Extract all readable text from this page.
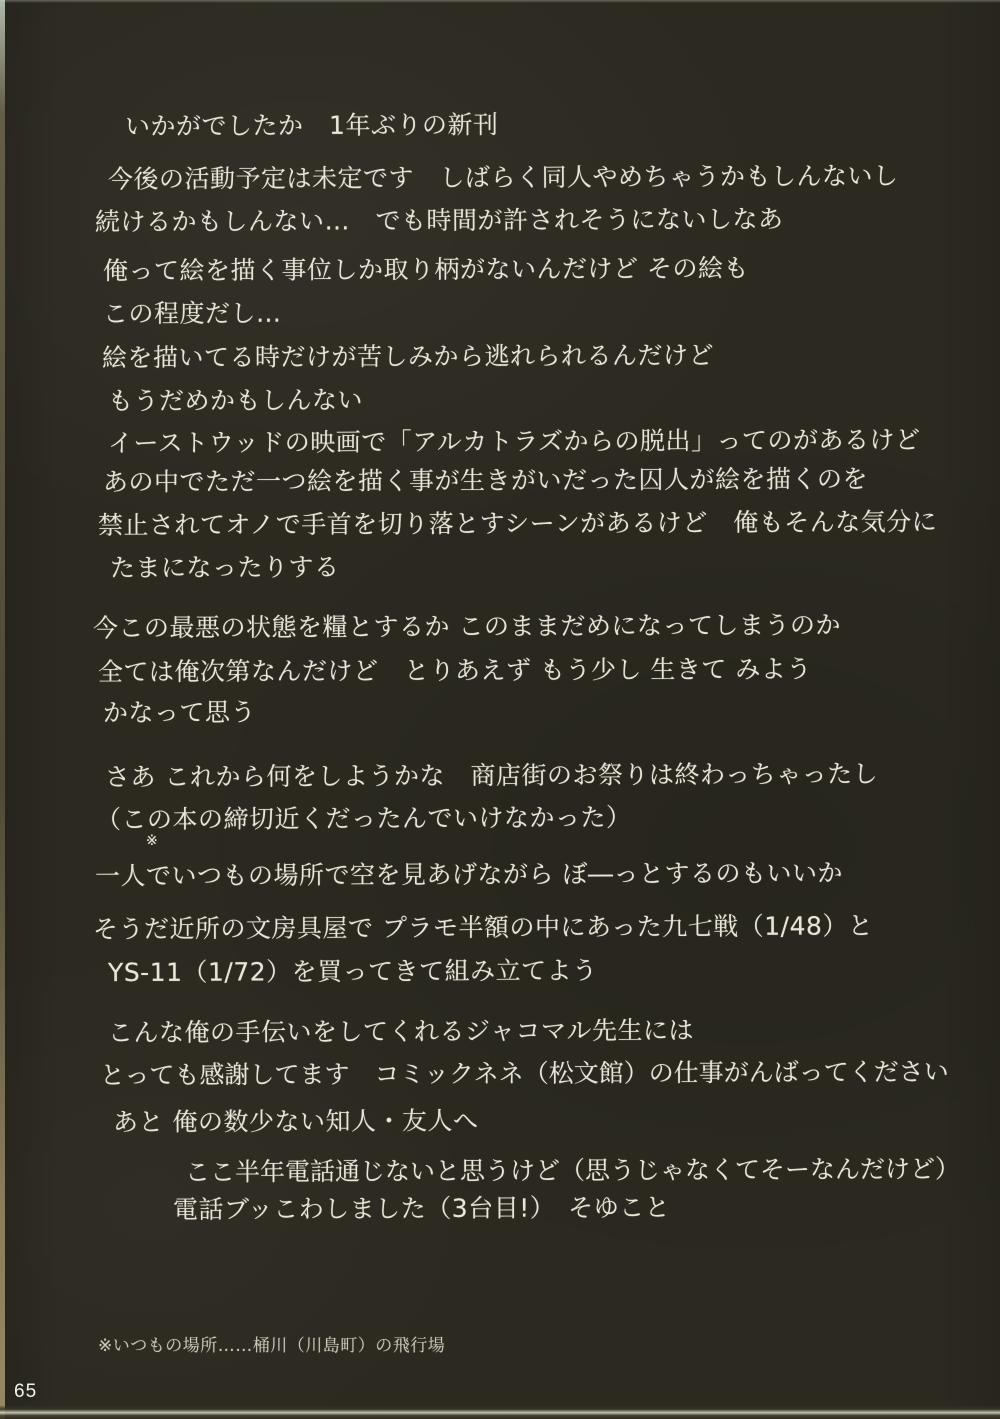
いかがでしたか　1年ぶりの新刊
今後の活動予定は未定です　しばらく同人やめちゃうかもしんないし
続けるかもしんない…　でも時間が許されそうにないしなあ
俺って絵を描く事位しか取り柄がないんだけど その絵も
この程度だし…
絵を描いてる時だけが苦しみから逃れられるんだけど
もうだめかもしんない
イーストウッドの映画で「アルカトラズからの脱出」ってのがあるけど
あの中でただ一つ絵を描く事が生きがいだった囚人が絵を描くのを
禁止されてオノで手首を切り落とすシーンがあるけど　俺もそんな気分に
たまになったりする
今この最悪の状態を糧とするか このままだめになってしまうのか
全ては俺次第なんだけど　とりあえず もう少し 生きて みよう
かなって思う
さあ これから何をしようかな　商店街のお祭りは終わっちゃったし
（この本の締切近くだったんでいけなかった）
※
一人でいつもの場所で空を見あげながら ぼ―っとするのもいいか
そうだ近所の文房具屋で プラモ半額の中にあった九七戦（1/48）と
YS-11（1/72）を買ってきて組み立てよう
こんな俺の手伝いをしてくれるジャコマル先生には
とっても感謝してます　コミックネネ（松文館）の仕事がんばってください
あと 俺の数少ない知人・友人へ
ここ半年電話通じないと思うけど（思うじゃなくてそーなんだけど）
電話ブッこわしました（3台目!）　そゆこと
※いつもの場所……桶川（川島町）の飛行場
65
